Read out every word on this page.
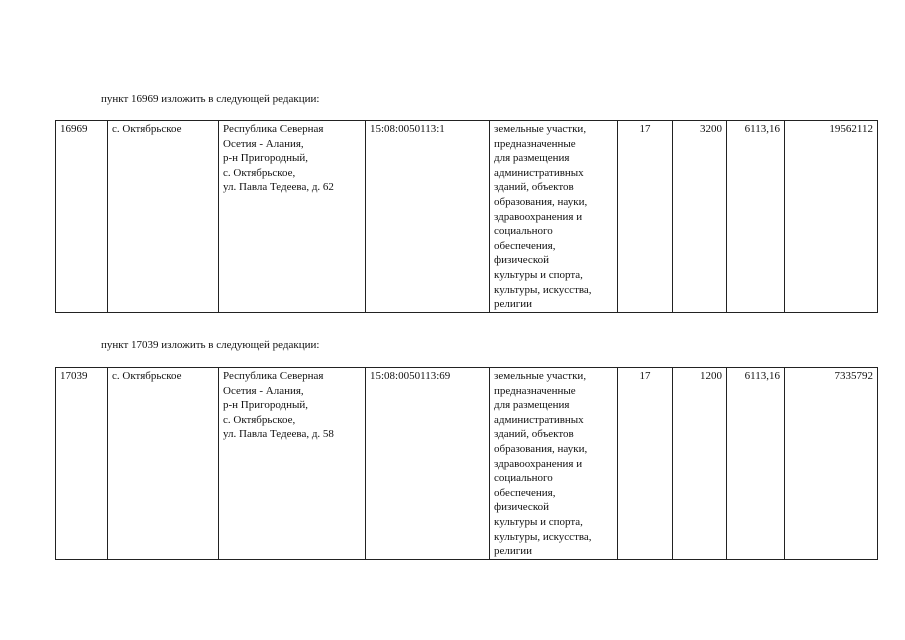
пункт 16969 изложить в следующей редакции:
16969	с. Октябрьское	Республика Северная
Осетия - Алания,
р-н Пригородный,
с. Октябрьское,
ул. Павла Тедеева, д. 62	15:08:0050113:1	земельные участки,
предназначенные
для размещения
административных
зданий, объектов
образования, науки,
здравоохранения и
социального
обеспечения,
физической
культуры и спорта,
культуры, искусства,
религии	17	3200	6113,16	19562112
пункт 17039 изложить в следующей редакции:
17039	с. Октябрьское	Республика Северная
Осетия - Алания,
р-н Пригородный,
с. Октябрьское,
ул. Павла Тедеева, д. 58	15:08:0050113:69	земельные участки,
предназначенные
для размещения
административных
зданий, объектов
образования, науки,
здравоохранения и
социального
обеспечения,
физической
культуры и спорта,
культуры, искусства,
религии	17	1200	6113,16	7335792
